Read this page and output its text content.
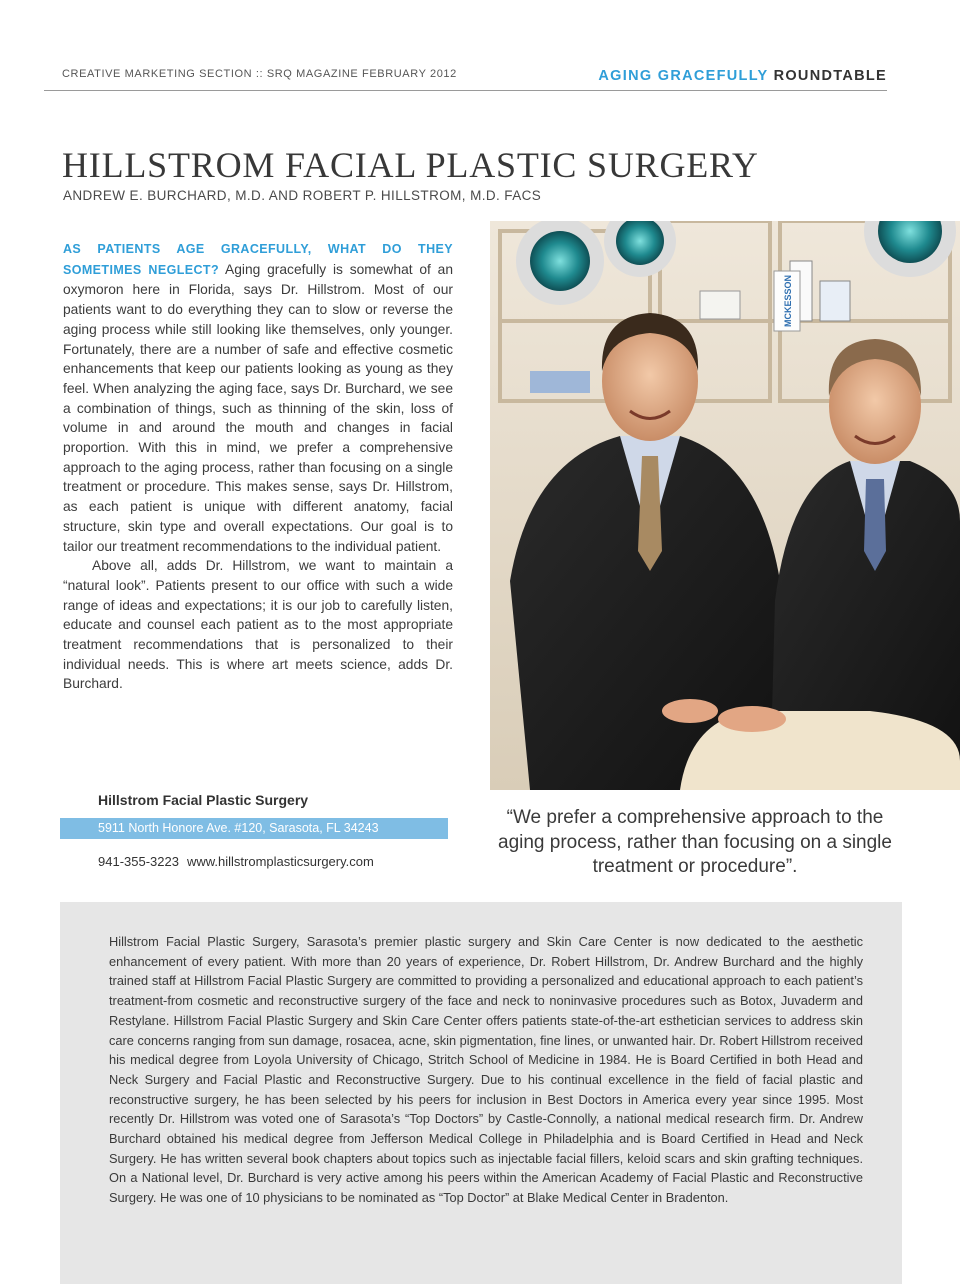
CREATIVE MARKETING SECTION :: SRQ MAGAZINE FEBRUARY 2012	AGING GRACEFULLY ROUNDTABLE
HILLSTROM FACIAL PLASTIC SURGERY
ANDREW E. BURCHARD, M.D. AND ROBERT P. HILLSTROM, M.D. FACS

AS PATIENTS AGE GRACEFULLY, WHAT DO THEY SOMETIMES NEGLECT? Aging gracefully is somewhat of an oxymoron here in Florida, says Dr. Hillstrom. Most of our patients want to do everything they can to slow or reverse the aging process while still looking like themselves, only younger. Fortunately, there are a number of safe and effective cosmetic enhancements that keep our patients looking as young as they feel. When analyzing the aging face, says Dr. Burchard, we see a combination of things, such as thinning of the skin, loss of volume in and around the mouth and changes in facial proportion. With this in mind, we prefer a comprehensive approach to the aging process, rather than focusing on a single treatment or procedure. This makes sense, says Dr. Hillstrom, as each patient is unique with different anatomy, facial structure, skin type and overall expectations. Our goal is to tailor our treatment recommendations to the individual patient.

Above all, adds Dr. Hillstrom, we want to maintain a “natural look”. Patients present to our office with such a wide range of ideas and expectations; it is our job to carefully listen, educate and counsel each patient as to the most appropriate treatment recommendations that is personalized to their individual needs. This is where art meets science, adds Dr. Burchard.

MCKESSON
Hillstrom Facial Plastic Surgery
5911 North Honore Ave. #120, Sarasota, FL 34243
941-355-3223 www.hillstromplasticsurgery.com
“We prefer a comprehensive approach to the aging process, rather than focusing on a single treatment or procedure”.
Hillstrom Facial Plastic Surgery, Sarasota’s premier plastic surgery and Skin Care Center is now dedicated to the aesthetic enhancement of every patient. With more than 20 years of experience, Dr. Robert Hillstrom, Dr. Andrew Burchard and the highly trained staff at Hillstrom Facial Plastic Surgery are committed to providing a personalized and educational approach to each patient’s treatment-from cosmetic and reconstructive surgery of the face and neck to noninvasive procedures such as Botox, Juvaderm and Restylane. Hillstrom Facial Plastic Surgery and Skin Care Center offers patients state-of-the-art esthetician services to address skin care concerns ranging from sun damage, rosacea, acne, skin pigmentation, fine lines, or unwanted hair. Dr. Robert Hillstrom received his medical degree from Loyola University of Chicago, Stritch School of Medicine in 1984. He is Board Certified in both Head and Neck Surgery and Facial Plastic and Reconstructive Surgery. Due to his continual excellence in the field of facial plastic and reconstructive surgery, he has been selected by his peers for inclusion in Best Doctors in America every year since 1995. Most recently Dr. Hillstrom was voted one of Sarasota’s “Top Doctors” by Castle-Connolly, a national medical research firm. Dr. Andrew Burchard obtained his medical degree from Jefferson Medical College in Philadelphia and is Board Certified in Head and Neck Surgery. He has written several book chapters about topics such as injectable facial fillers, keloid scars and skin grafting techniques. On a National level, Dr. Burchard is very active among his peers within the American Academy of Facial Plastic and Reconstructive Surgery. He was one of 10 physicians to be nominated as “Top Doctor” at Blake Medical Center in Bradenton.
